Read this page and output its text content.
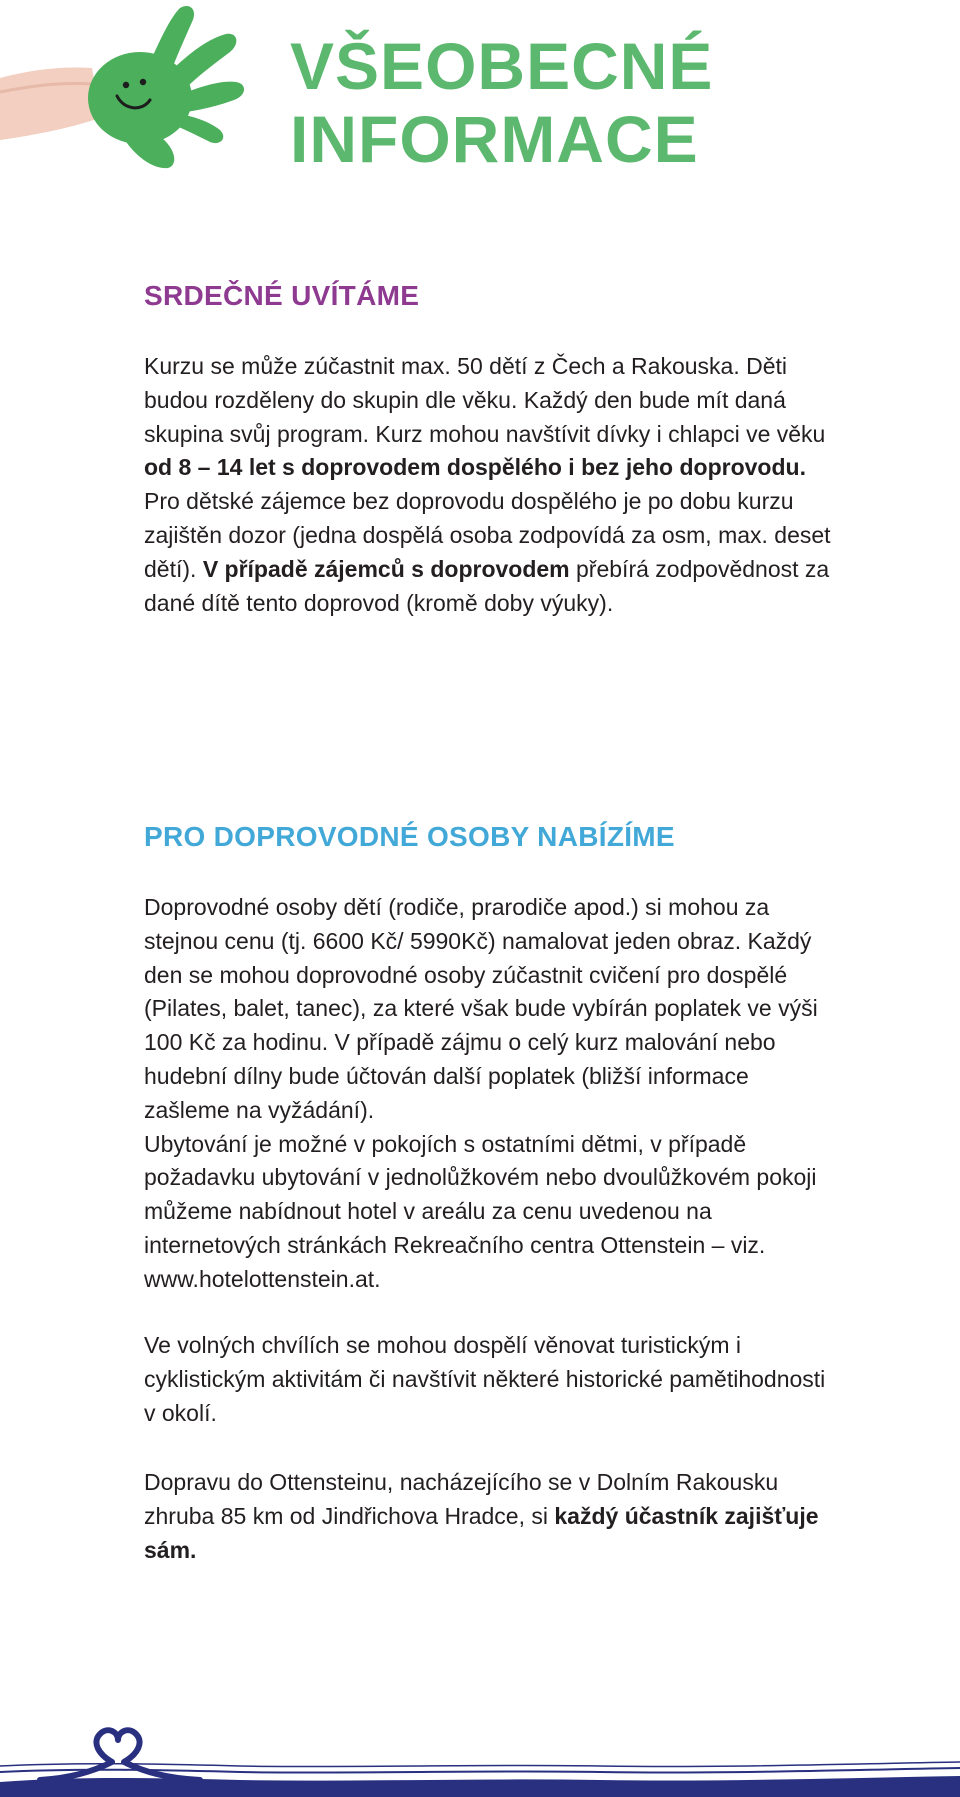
VŠEOBECNÉ
INFORMACE
SRDEČNÉ UVÍTÁME

Kurzu se může zúčastnit max. 50 dětí z Čech a Rakouska. Děti budou rozděleny do skupin dle věku. Každý den bude mít daná skupina svůj program. Kurz mohou navštívit dívky i chlapci ve věku od 8 – 14 let s doprovodem dospělého i bez jeho doprovodu.

Pro dětské zájemce bez doprovodu dospělého je po dobu kurzu zajištěn dozor (jedna dospělá osoba zodpovídá za osm, max. deset dětí). V případě zájemců s doprovodem přebírá zodpovědnost za dané dítě tento doprovod (kromě doby výuky).

PRO DOPROVODNÉ OSOBY NABÍZÍME

Doprovodné osoby dětí (rodiče, prarodiče apod.) si mohou za stejnou cenu (tj. 6600 Kč/ 5990Kč) namalovat jeden obraz. Každý den se mohou doprovodné osoby zúčastnit cvičení pro dospělé (Pilates, balet, tanec), za které však bude vybírán poplatek ve výši 100 Kč za hodinu. V případě zájmu o celý kurz malování nebo hudební dílny bude účtován další poplatek (bližší informace zašleme na vyžádání).

Ubytování je možné v pokojích s ostatními dětmi, v případě požadavku ubytování v jednolůžkovém nebo dvoulůžkovém pokoji můžeme nabídnout hotel v areálu za cenu uvedenou na internetových stránkách Rekreačního centra Ottenstein – viz. www.hotelottenstein.at.

Ve volných chvílích se mohou dospělí věnovat turistickým i cyklistickým aktivitám či navštívit některé historické pamětihodnosti v okolí.

Dopravu do Ottensteinu, nacházejícího se v Dolním Rakousku zhruba 85 km od Jindřichova Hradce, si každý účastník zajišťuje sám.
